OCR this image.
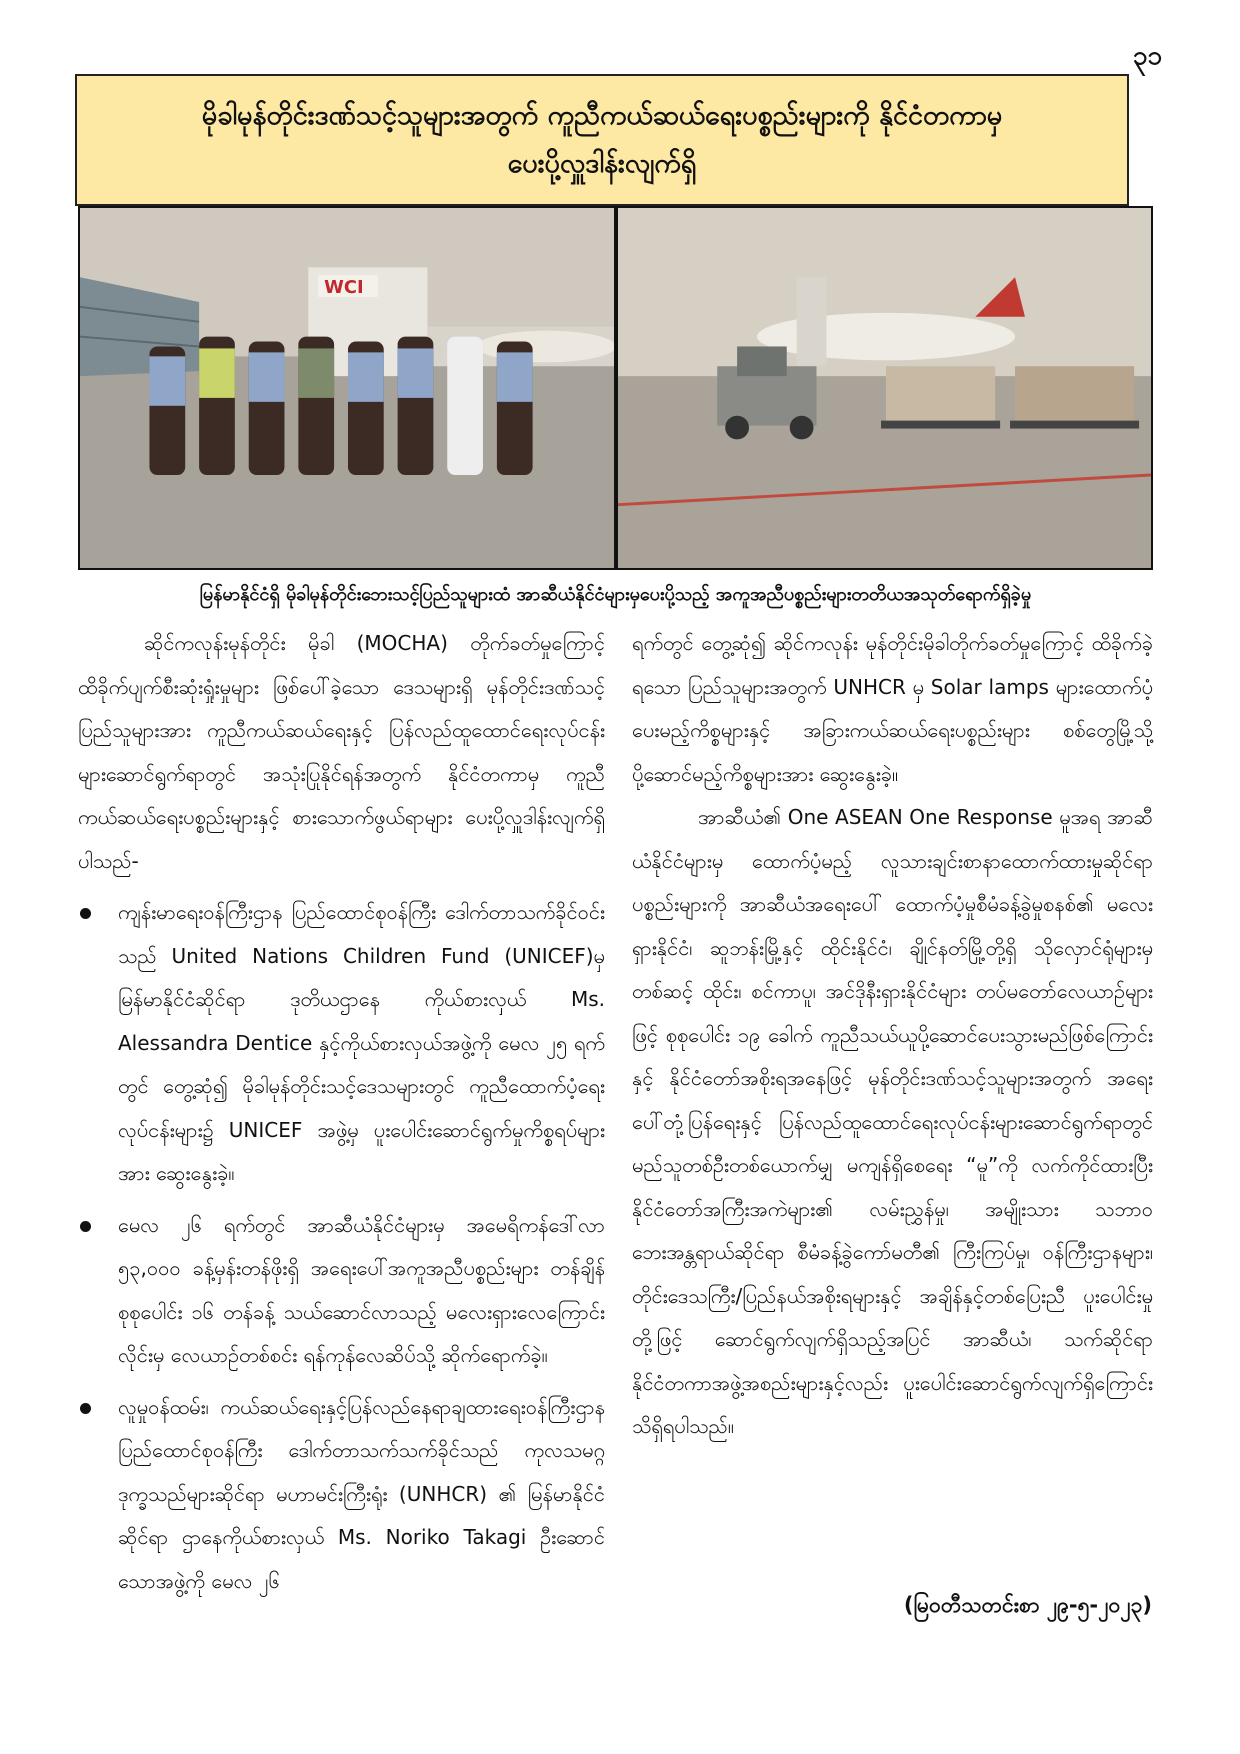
၃၁
မိုခါမုန်တိုင်းဒဏ်သင့်သူများအတွက် ကူညီကယ်ဆယ်ရေးပစ္စည်းများကို နိုင်ငံတကာမှ
ပေးပို့လှူဒါန်းလျက်ရှိ
WCI
မြန်မာနိုင်ငံရှိ မိုခါမုန်တိုင်းဘေးသင့်ပြည်သူများထံ အာဆီယံနိုင်ငံများမှပေးပို့သည့် အကူအညီပစ္စည်းများတတိယအသုတ်ရောက်ရှိခဲ့မှု

ဆိုင်ကလုန်းမုန်တိုင်း မိုခါ (MOCHA) တိုက်ခတ်မှုကြောင့် ထိခိုက်ပျက်စီးဆုံးရှုံးမှုများ ဖြစ်ပေါ်ခဲ့သော ဒေသများရှိ မုန်တိုင်းဒဏ်သင့်ပြည်သူများအား ကူညီကယ်ဆယ်ရေးနှင့် ပြန်လည်ထူထောင်ရေးလုပ်ငန်းများဆောင်ရွက်ရာတွင် အသုံးပြုနိုင်ရန်အတွက် နိုင်ငံတကာမှ ကူညီကယ်ဆယ်ရေးပစ္စည်းများနှင့် စားသောက်ဖွယ်ရာများ ပေးပို့လှူဒါန်းလျက်ရှိပါသည်-

ကျန်းမာရေးဝန်ကြီးဌာန ပြည်ထောင်စုဝန်ကြီး ဒေါက်တာသက်ခိုင်ဝင်းသည် United Nations Children Fund (UNICEF)မှ မြန်မာနိုင်ငံဆိုင်ရာ ဒုတိယဌာနေ ကိုယ်စားလှယ် Ms. Alessandra Dentice နှင့်ကိုယ်စားလှယ်အဖွဲ့ကို မေလ ၂၅ ရက်တွင် တွေ့ဆုံ၍ မိုခါမုန်တိုင်းသင့်ဒေသများတွင် ကူညီထောက်ပံ့ရေးလုပ်ငန်းများ၌ UNICEF အဖွဲ့မှ ပူးပေါင်းဆောင်ရွက်မှုကိစ္စရပ်များအား ဆွေးနွေးခဲ့။

မေလ ၂၆ ရက်တွင် အာဆီယံနိုင်ငံများမှ အမေရိကန်ဒေါ်လာ ၅၃,၀၀၀ ခန့်မှန်းတန်ဖိုးရှိ အရေးပေါ်အကူအညီပစ္စည်းများ တန်ချိန်စုစုပေါင်း ၁၆ တန်ခန့် သယ်ဆောင်လာသည့် မလေးရှားလေကြောင်းလိုင်းမှ လေယာဉ်တစ်စင်း ရန်ကုန်လေဆိပ်သို့ ဆိုက်ရောက်ခဲ့။

လူမှုဝန်ထမ်း၊ ကယ်ဆယ်ရေးနှင့်ပြန်လည်နေရာချထားရေးဝန်ကြီးဌာန ပြည်ထောင်စုဝန်ကြီး ဒေါက်တာသက်သက်ခိုင်သည် ကုလသမဂ္ဂဒုက္ခသည်များဆိုင်ရာ မဟာမင်းကြီးရုံး (UNHCR) ၏ မြန်မာနိုင်ငံဆိုင်ရာ ဌာနေကိုယ်စားလှယ် Ms. Noriko Takagi ဦးဆောင်သောအဖွဲ့ကို မေလ ၂၆

ရက်တွင် တွေ့ဆုံ၍ ဆိုင်ကလုန်း မုန်တိုင်းမိုခါတိုက်ခတ်မှုကြောင့် ထိခိုက်ခဲ့ရသော ပြည်သူများအတွက် UNHCR မှ Solar lamps များထောက်ပံ့ပေးမည့်ကိစ္စများနှင့် အခြားကယ်ဆယ်ရေးပစ္စည်းများ စစ်တွေမြို့သို့ ပို့ဆောင်မည့်ကိစ္စများအား ဆွေးနွေးခဲ့။

အာဆီယံ၏ One ASEAN One Response မူအရ အာဆီယံနိုင်ငံများမှ ထောက်ပံ့မည့် လူသားချင်းစာနာထောက်ထားမှုဆိုင်ရာပစ္စည်းများကို အာဆီယံအရေးပေါ် ထောက်ပံ့မှုစီမံခန့်ခွဲမှုစနစ်၏ မလေးရှားနိုင်ငံ၊ ဆူဘန်းမြို့နှင့် ထိုင်းနိုင်ငံ၊ ချိုင်နတ်မြို့တို့ရှိ သိုလှောင်ရုံများမှတစ်ဆင့် ထိုင်း၊ စင်ကာပူ၊ အင်ဒိုနီးရှားနိုင်ငံများ တပ်မတော်လေယာဉ်များဖြင့် စုစုပေါင်း ၁၉ ခေါက် ကူညီသယ်ယူပို့ဆောင်ပေးသွားမည်ဖြစ်ကြောင်းနှင့် နိုင်ငံတော်အစိုးရအနေဖြင့် မုန်တိုင်းဒဏ်သင့်သူများအတွက် အရေးပေါ်တုံ့ပြန်ရေးနှင့် ပြန်လည်ထူထောင်ရေးလုပ်ငန်းများဆောင်ရွက်ရာတွင် မည်သူတစ်ဦးတစ်ယောက်မျှ မကျန်ရှိစေရေး “မူ”ကို လက်ကိုင်ထားပြီး နိုင်ငံတော်အကြီးအကဲများ၏ လမ်းညွှန်မှု၊ အမျိုးသား သဘာဝဘေးအန္တရာယ်ဆိုင်ရာ စီမံခန့်ခွဲကော်မတီ၏ ကြီးကြပ်မှု၊ ဝန်ကြီးဌာနများ၊ တိုင်းဒေသကြီး/ပြည်နယ်အစိုးရများနှင့် အချိန်နှင့်တစ်ပြေးညီ ပူးပေါင်းမှုတို့ဖြင့် ဆောင်ရွက်လျက်ရှိသည့်အပြင် အာဆီယံ၊ သက်ဆိုင်ရာနိုင်ငံတကာအဖွဲ့အစည်းများနှင့်လည်း ပူးပေါင်းဆောင်ရွက်လျက်ရှိကြောင်း သိရှိရပါသည်။

(မြဝတီသတင်းစာ ၂၉-၅-၂၀၂၃)
